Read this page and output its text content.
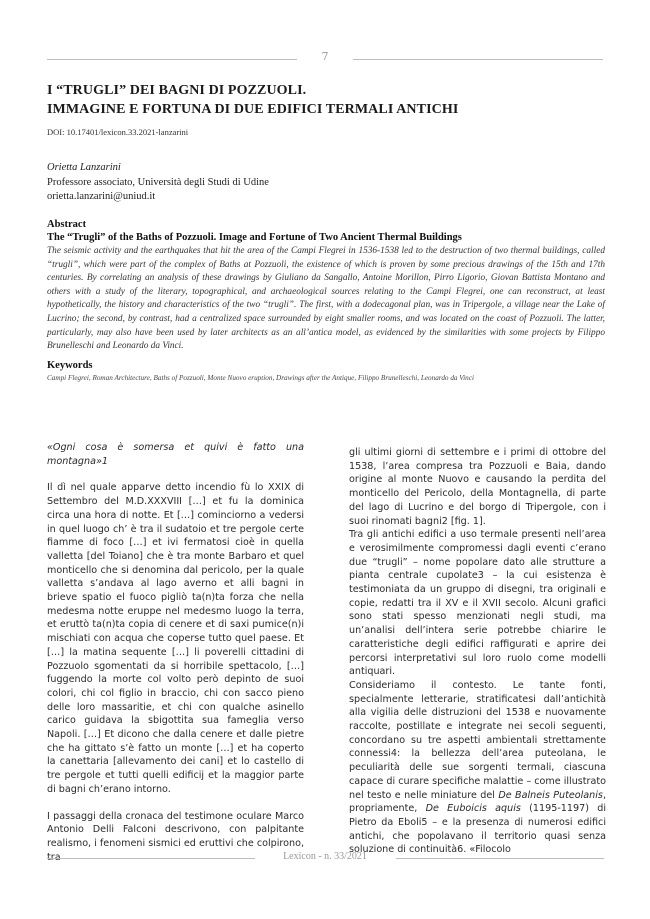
7
I “TRUGLI” DEI BAGNI DI POZZUOLI.
IMMAGINE E FORTUNA DI DUE EDIFICI TERMALI ANTICHI
DOI: 10.17401/lexicon.33.2021-lanzarini
Orietta Lanzarini
Professore associato, Università degli Studi di Udine
orietta.lanzarini@uniud.it
Abstract
The “Trugli” of the Baths of Pozzuoli. Image and Fortune of Two Ancient Thermal Buildings
The seismic activity and the earthquakes that hit the area of the Campi Flegrei in 1536-1538 led to the destruction of two thermal buildings, called “trugli”, which were part of the complex of Baths at Pozzuoli, the existence of which is proven by some precious drawings of the 15th and 17th centuries. By correlating an analysis of these drawings by Giuliano da Sangallo, Antoine Morillon, Pirro Ligorio, Giovan Battista Montano and others with a study of the literary, topographical, and archaeological sources relating to the Campi Flegrei, one can reconstruct, at least hypothetically, the history and characteristics of the two “trugli”. The first, with a dodecagonal plan, was in Tripergole, a village near the Lake of Lucrino; the second, by contrast, had a centralized space surrounded by eight smaller rooms, and was located on the coast of Pozzuoli. The latter, particularly, may also have been used by later architects as an all’antica model, as evidenced by the similarities with some projects by Filippo Brunelleschi and Leonardo da Vinci.
Keywords
Campi Flegrei, Roman Architecture, Baths of Pozzuoli, Monte Nuovo eruption, Drawings after the Antique, Filippo Brunelleschi, Leonardo da Vinci

«Ogni cosa è somersa et quivi è fatto una montagna»1

Il dì nel quale apparve detto incendio fù lo XXIX di Settembro del M.D.XXXVIII […] et fu la dominica circa una hora di notte. Et […] cominciorno a vedersi in quel luogo ch’ è tra il sudatoio et tre pergole certe fiamme di foco […] et ivi fermatosi cioè in quella valletta [del Toiano] che è tra monte Barbaro et quel monticello che si denomina dal pericolo, per la quale valletta s’andava al lago averno et alli bagni in brieve spatio el fuoco pigliò ta(n)ta forza che nella medesma notte eruppe nel medesmo luogo la terra, et eruttò ta(n)ta copia di cenere et di saxi pumice(n)i mischiati con acqua che coperse tutto quel paese. Et […] la matina sequente […] li poverelli cittadini di Pozzuolo sgomentati da si horribile spettacolo, […] fuggendo la morte col volto però depinto de suoi colori, chi col figlio in braccio, chi con sacco pieno delle loro massaritie, et chi con qualche asinello carico guidava la sbigottita sua fameglia verso Napoli. […] Et dicono che dalla cenere et dalle pietre che ha gittato s’è fatto un monte […] et ha coperto la canettaria [allevamento dei cani] et lo castello di tre pergole et tutti quelli edificij et la maggior parte di bagni ch’erano intorno.

I passaggi della cronaca del testimone oculare Marco Antonio Delli Falconi descrivono, con palpitante realismo, i fenomeni sismici ed eruttivi che colpirono,

gli ultimi giorni di settembre e i primi di ottobre del 1538, l’area compresa tra Pozzuoli e Baia, dando origine al monte Nuovo e causando la perdita del monticello del Pericolo, della Montagnella, di parte del lago di Lucrino e del borgo di Tripergole, con i suoi rinomati bagni2 [fig. 1].

Tra gli antichi edifici a uso termale presenti nell’area e verosimilmente compromessi dagli eventi c’erano due “trugli” – nome popolare dato alle strutture a pianta centrale cupolate3 – la cui esistenza è testimoniata da un gruppo di disegni, tra originali e copie, redatti tra il XV e il XVII secolo. Alcuni grafici sono stati spesso menzionati negli studi, ma un’analisi dell’intera serie potrebbe chiarire le caratteristiche degli edifici raffigurati e aprire dei percorsi interpretativi sul loro ruolo come modelli antiquari.

Consideriamo il contesto. Le tante fonti, specialmente letterarie, stratificatesi dall’antichità alla vigilia delle distruzioni del 1538 e nuovamente raccolte, postillate e integrate nei secoli seguenti, concordano su tre aspetti ambientali strettamente connessi4: la bellezza dell’area puteolana, le peculiarità delle sue sorgenti termali, ciascuna capace di curare specifiche malattie – come illustrato nel testo e nelle miniature del De Balneis Puteolanis, propriamente, De Euboicis aquis (1195-1197) di Pietro da Eboli5 – e la presenza di numerosi edifici antichi, che popolavano il territorio quasi senza soluzione di continuità6. «Filocolo

Lexicon - n. 33/2021
